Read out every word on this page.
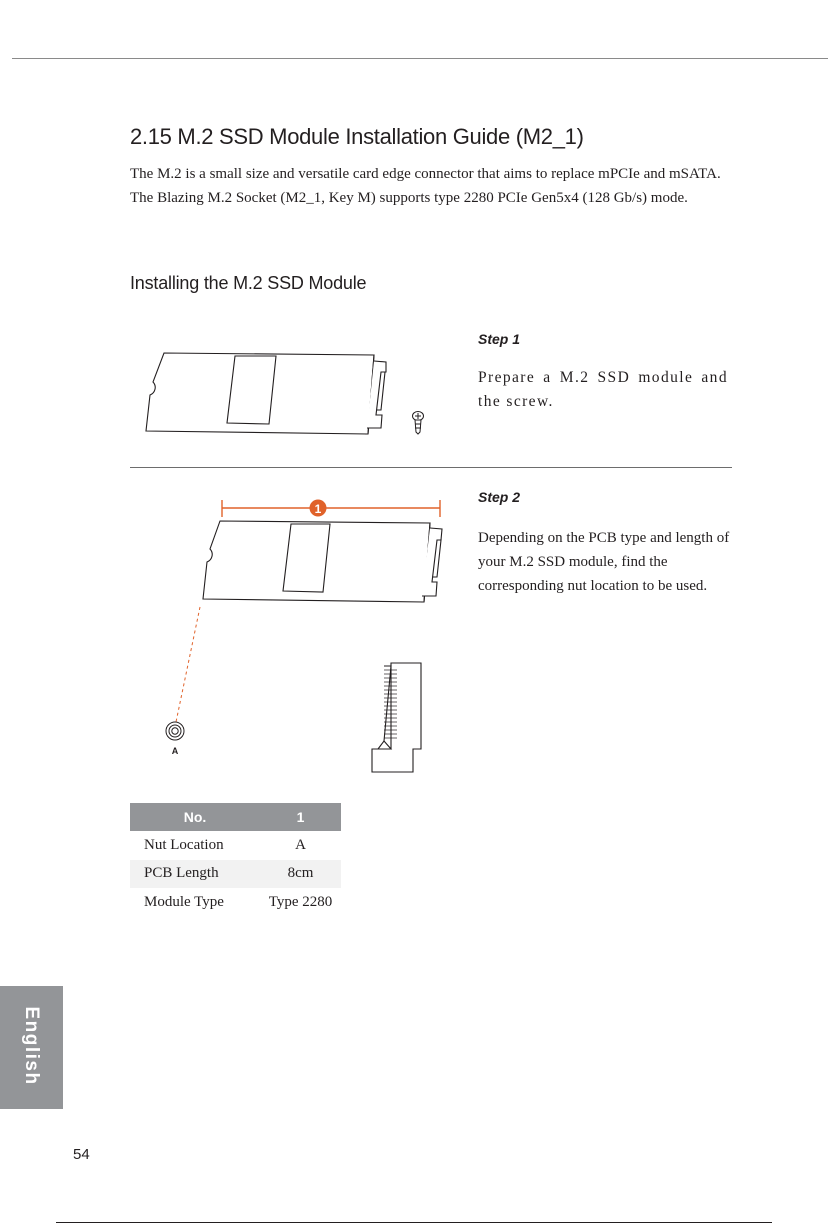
2.15 M.2 SSD Module Installation Guide (M2_1)
The M.2 is a small size and versatile card edge connector that aims to replace mPCIe and mSATA. The Blazing M.2 Socket (M2_1, Key M) supports type 2280 PCIe Gen5x4 (128 Gb/s) mode.
Installing the M.2 SSD Module
Step 1
Prepare a M.2 SSD module and the screw.
Step 2
Depending on the PCB type and length of your M.2 SSD module, find the corresponding nut location to be used.
1
A
No.	1
Nut Location	A
PCB Length	8cm
Module Type	Type 2280
English
54
